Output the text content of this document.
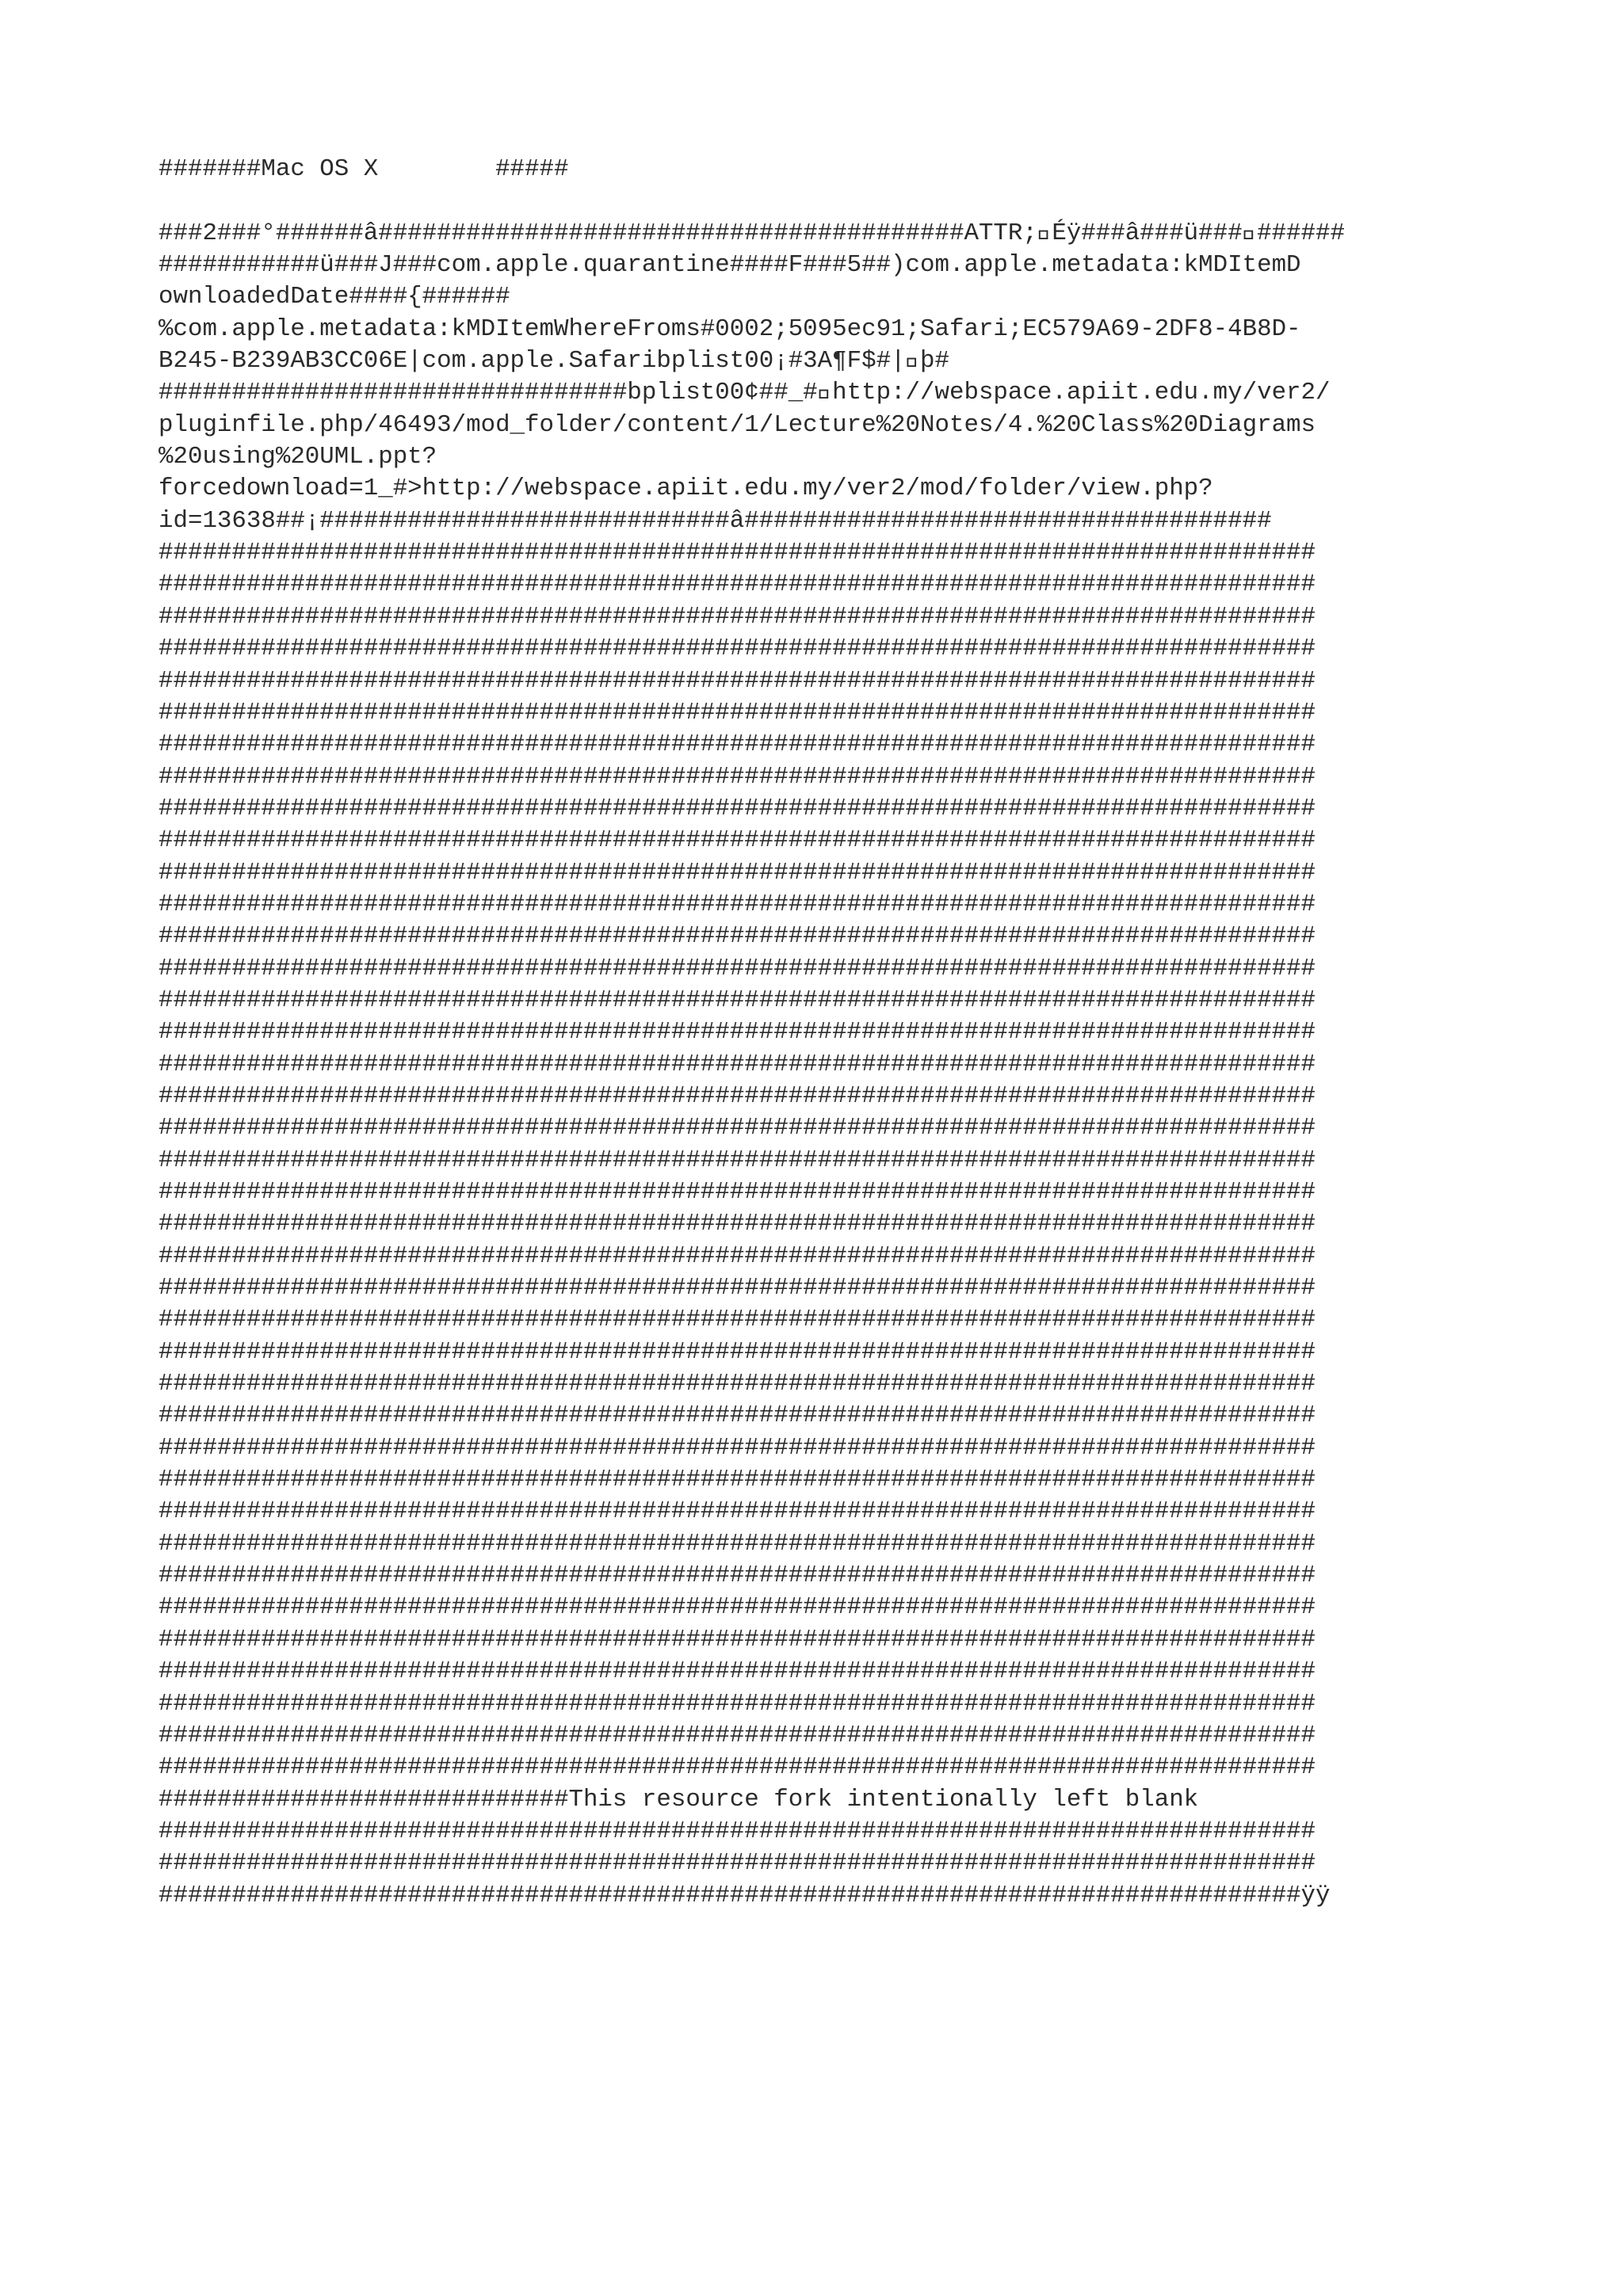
#######Mac OS X        #####
###2###°######â########################################ATTR; Éÿ###â###ü### ######
###########ü###J###com.apple.quarantine####F###5##)com.apple.metadata:kMDItemD
ownloadedDate####{######
%com.apple.metadata:kMDItemWhereFroms#0002;5095ec91;Safari;EC579A69-2DF8-4B8D-
B245-B239AB3CC06E|com.apple.Safaribplist00¡#3A¶F$#| þ#
################################bplist00¢##_# http://webspace.apiit.edu.my/ver2/
pluginfile.php/46493/mod_folder/content/1/Lecture%20Notes/4.%20Class%20Diagrams
%20using%20UML.ppt?
forcedownload=1_#>http://webspace.apiit.edu.my/ver2/mod/folder/view.php?
id=13638##¡############################â####################################
###############################################################################
###############################################################################
###############################################################################
###############################################################################
###############################################################################
###############################################################################
###############################################################################
###############################################################################
###############################################################################
###############################################################################
###############################################################################
###############################################################################
###############################################################################
###############################################################################
###############################################################################
###############################################################################
###############################################################################
###############################################################################
###############################################################################
###############################################################################
###############################################################################
###############################################################################
###############################################################################
###############################################################################
###############################################################################
###############################################################################
###############################################################################
###############################################################################
###############################################################################
###############################################################################
###############################################################################
###############################################################################
###############################################################################
###############################################################################
###############################################################################
###############################################################################
###############################################################################
###############################################################################
###############################################################################
############################This resource fork intentionally left blank
###############################################################################
###############################################################################
##############################################################################ÿÿ
